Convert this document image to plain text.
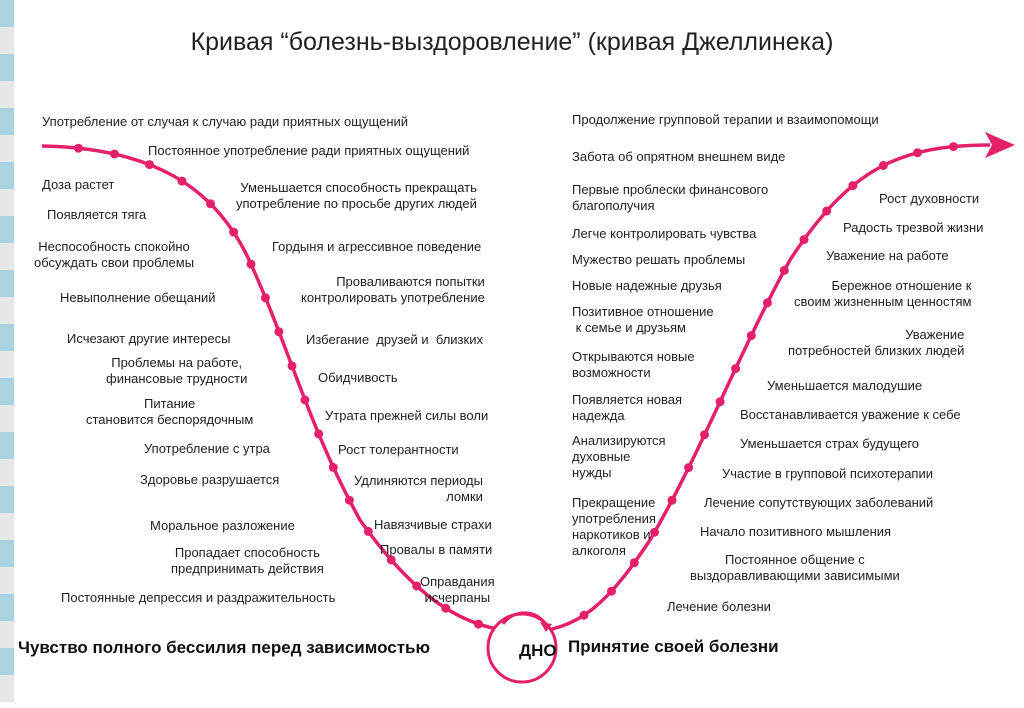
Кривая “болезнь-выздоровление” (кривая Джеллинека)
Употребление от случая к случаю ради приятных ощущений
Постоянное употребление ради приятных ощущений
Доза растет	Уменьшается способность прекращать
употребление по просьбе других людей
Появляется тяга
Неспособность спокойно
обсуждать свои проблемы
Гордыня и агрессивное поведение
Проваливаются попытки
контролировать употребление
Невыполнение обещаний
Исчезают другие интересы	Избегание  друзей и  близких
Проблемы на работе,
финансовые трудности	Обидчивость
Питание
становится беспорядочным	Утрата прежней силы воли
Употребление с утра	Рост толерантности
Здоровье разрушается	Удлиняются периоды
ломки
Моральное разложение	Навязчивые страхи
Пропадает способность
предпринимать действия
Провалы в памяти
Оправдания
исчерпаны
Постоянные депрессия и раздражительность
Продолжение групповой терапии и взаимопомощи
Забота об опрятном внешнем виде
Первые проблески финансового
благополучия	Рост духовности
Легче контролировать чувства	Радость трезвой жизни
Мужество решать проблемы	Уважение на работе
Новые надежные друзья	Бережное отношение к
своим жизненным ценностям
Позитивное отношение
к семье и друзьям	Уважение
потребностей близких людей
Открываются новые
возможности
Уменьшается малодушие
Появляется новая
надежда	Восстанавливается уважение к себе
Анализируются
духовные
нужды
Уменьшается страх будущего
Участие в групповой психотерапии
Лечение сопутствующих заболеваний
Прекращение
употребления
наркотиков и
алкоголя
Начало позитивного мышления
Постоянное общение с
выздоравливающими зависимыми
Лечение болезни
Чувство полного бессилия перед зависимостью	ДНО Принятие своей болезни
